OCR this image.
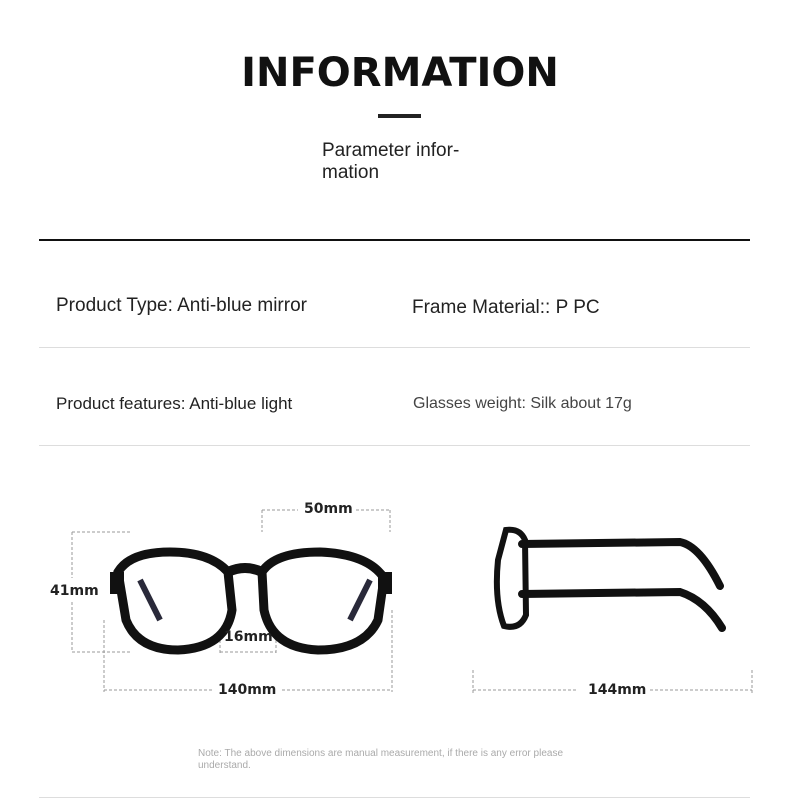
INFORMATION
Parameter infor-
mation
Product Type: Anti-blue mirror	Frame Material:: P PC
Product features: Anti-blue light	Glasses weight: Silk about 17g
50mm
41mm
16mm
140mm	144mm
Note: The above dimensions are manual measurement, if there is any error please understand.
